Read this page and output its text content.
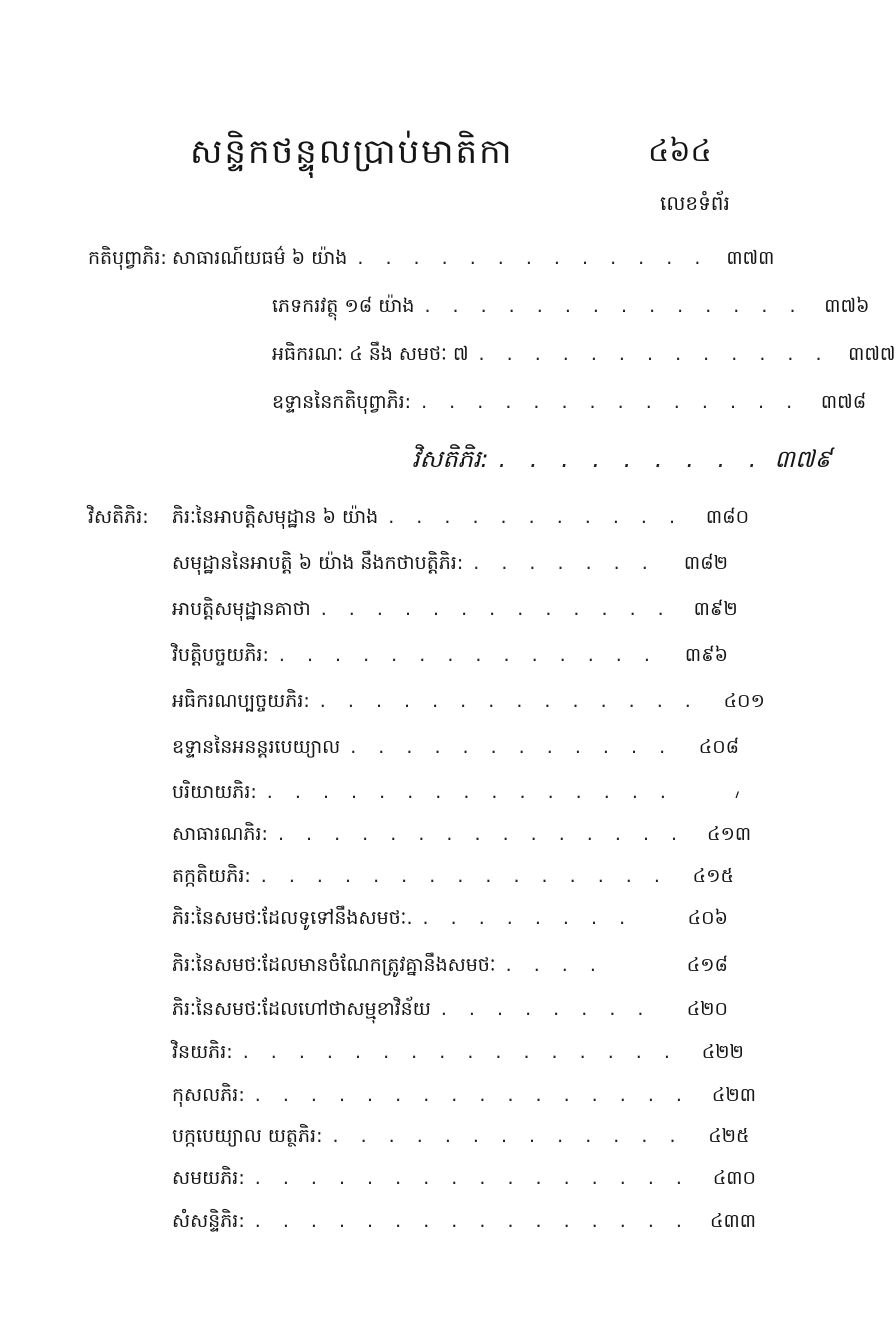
សន្ទិកថន្ទុលប្រាប់មាតិកា	៤៦៤
លេខទំព័រ
កតិបុព្វាភិរ: សាធារណ៍យធម៌ ៦ យ៉ាង . . . . . . . . . . . . . ៣៧៣
ភេទករវត្ថុ ១៨ យ៉ាង . . . . . . . . . . . . . .	៣៧៦
អធិករណៈ ៤ នឹង សមថៈ ៧ . . . . . . . . . . . . . ៣៧៧
ឧទ្ទាននៃកតិបុព្វាភិរ: . . . . . . . . . . . . . .	៣៧៨
វិសតិភិរ: . . . . . . . . . ៣៧៩
វិសតិភិរ:	ភិរៈនៃអាបត្តិសមុដ្ឋាន ៦ យ៉ាង . . . . . . . . . . .	៣៨០
សមុដ្ឋាននៃអាបត្តិ ៦ យ៉ាង នឹងកថាបត្តិភិរ: . . . . . . .	៣៨២
អាបត្តិសមុដ្ឋានគាថា . . . . . . . . . . . . .	៣៩២
វិបត្តិបច្ចយភិរ: . . . . . . . . . . . . . .	៣៩៦
អធិករណប្បច្ចយភិរ: . . . . . . . . . . . . . .	៤០១
ឧទ្ទាននៃអនន្តរបេយ្យាល . . . . . . . . . . . .	៤០៨
បរិយាយភិរ: . . . . . . . . . . . . . . .	៸
សាធារណភិរ: . . . . . . . . . . . . . . .	៤១៣
តក្កតិយភិរ: . . . . . . . . . . . . . . .	៤១៥
ភិរៈនៃសមថៈដែលទូទៅនឹងសមថៈ. . . . . . . . .	៤០៦
ភិរៈនៃសមថៈដែលមានចំណែកត្រូវគ្នានឹងសមថៈ . . . .	៤១៨
ភិរៈនៃសមថៈដែលហៅថាសម្មុខាវិន័យ . . . . . . . .	៤២០
វិនយភិរ: . . . . . . . . . . . . . . . .	៤២២
កុសលភិរ: . . . . . . . . . . . . . . . .	៤២៣
បក្កបេយ្យាល យត្ថភិរ: . . . . . . . . . . . . .	៤២៥
សមយភិរ: . . . . . . . . . . . . . . . .	៤៣០
សំសន្ទិភិរ: . . . . . . . . . . . . . . . .	៤៣៣
